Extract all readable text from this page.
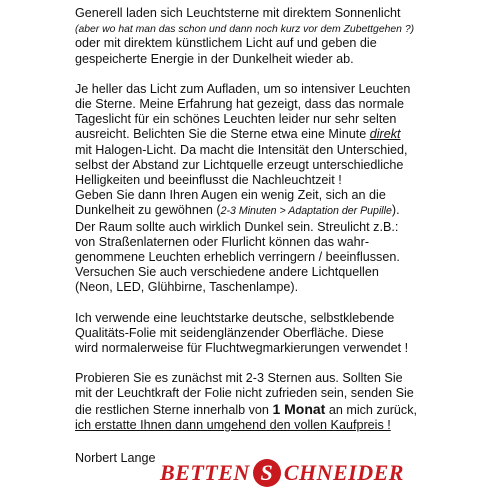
Generell laden sich Leuchtsterne mit direktem Sonnenlicht
(aber wo hat man das schon und dann noch kurz vor dem Zubettgehen ?)
oder mit direktem künstlichem Licht auf und geben die
gespeicherte Energie in der Dunkelheit wieder ab.

Je heller das Licht zum Aufladen, um so intensiver Leuchten
die Sterne. Meine Erfahrung hat gezeigt, dass das normale
Tageslicht für ein schönes Leuchten leider nur sehr selten
ausreicht. Belichten Sie die Sterne etwa eine Minute direkt
mit Halogen-Licht. Da macht die Intensität den Unterschied,
selbst der Abstand zur Lichtquelle erzeugt unterschiedliche
Helligkeiten und beeinflusst die Nachleuchtzeit !
Geben Sie dann Ihren Augen ein wenig Zeit, sich an die
Dunkelheit zu gewöhnen (2-3 Minuten > Adaptation der Pupille).
Der Raum sollte auch wirklich Dunkel sein. Streulicht z.B.:
von Straßenlaternen oder Flurlicht können das wahr-
genommene Leuchten erheblich verringern / beeinflussen.
Versuchen Sie auch verschiedene andere Lichtquellen
(Neon, LED, Glühbirne, Taschenlampe).

Ich verwende eine leuchtstarke deutsche, selbstklebende
Qualitäts-Folie mit seidenglänzender Oberfläche. Diese
wird normalerweise für Fluchtwegmarkierungen verwendet !

Probieren Sie es zunächst mit 2-3 Sternen aus. Sollten Sie
mit der Leuchtkraft der Folie nicht zufrieden sein, senden Sie
die restlichen Sterne innerhalb von 1 Monat an mich zurück,
ich erstatte Ihnen dann umgehend den vollen Kaufpreis !

Norbert Lange

BETTEN S CHNEIDER
